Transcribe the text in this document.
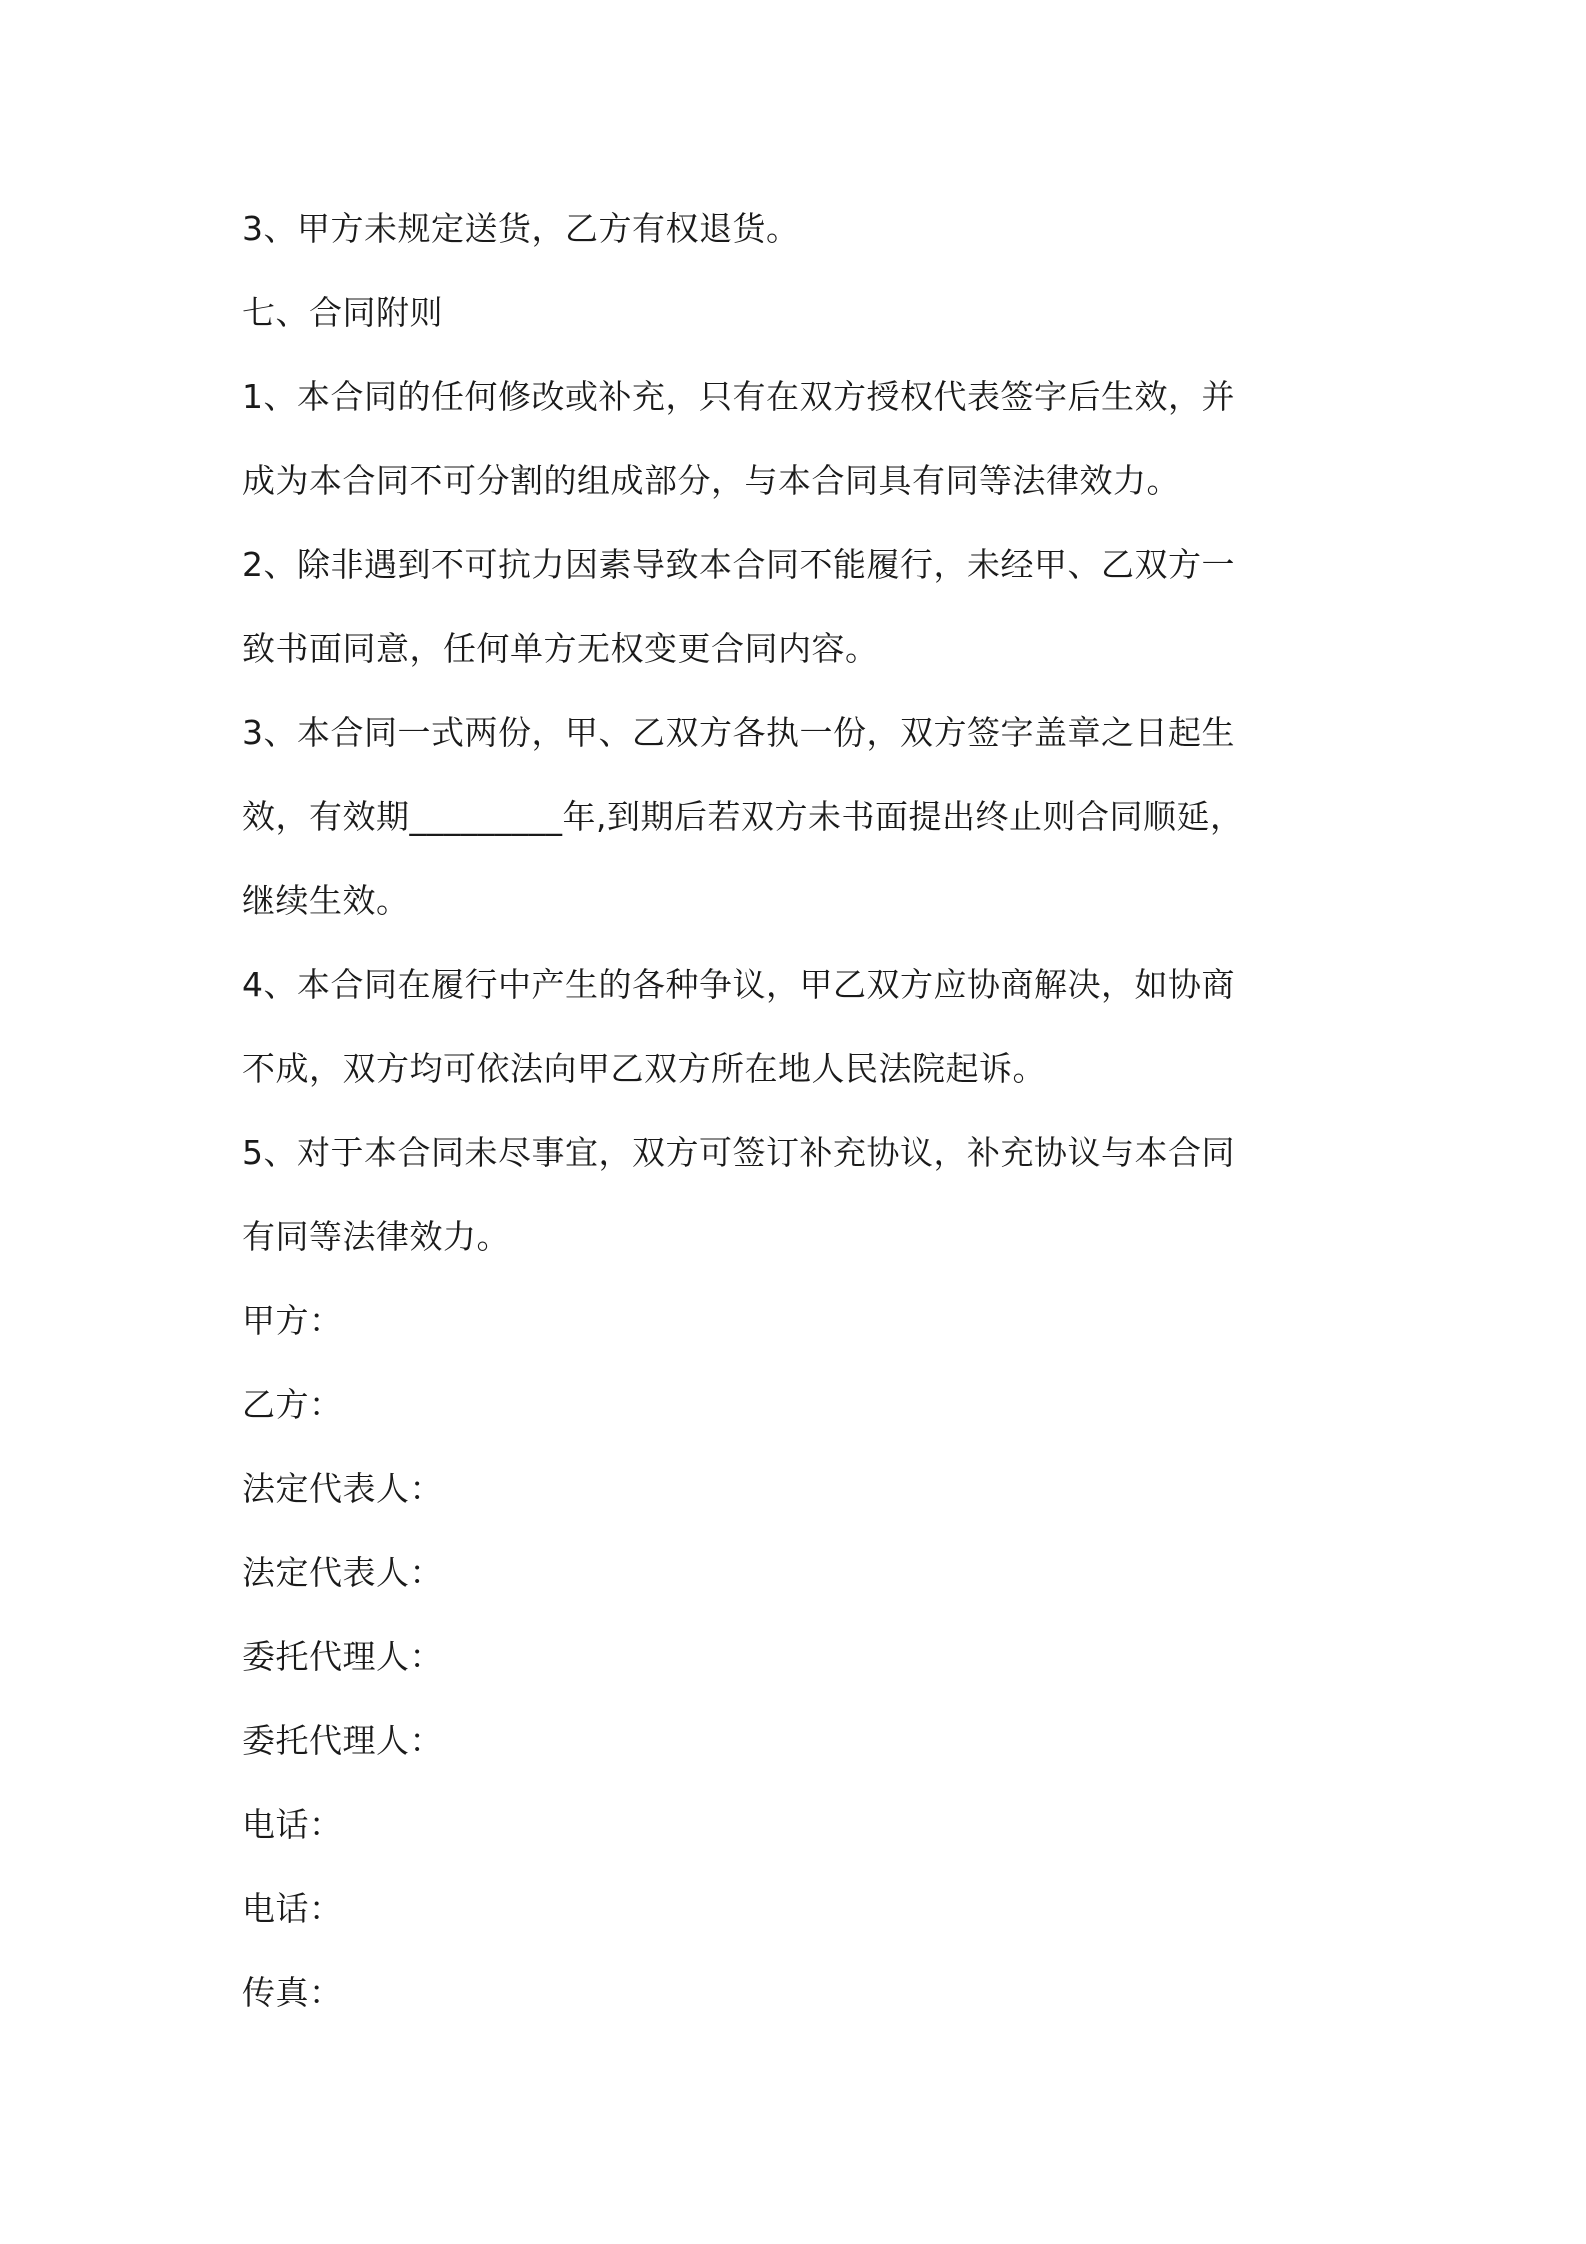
3、甲方未规定送货，乙方有权退货。
七、合同附则
1、本合同的任何修改或补充，只有在双方授权代表签字后生效，并
成为本合同不可分割的组成部分，与本合同具有同等法律效力。
2、除非遇到不可抗力因素导致本合同不能履行，未经甲、乙双方一
致书面同意，任何单方无权变更合同内容。
3、本合同一式两份，甲、乙双方各执一份，双方签字盖章之日起生
效，有效期_________年,到期后若双方未书面提出终止则合同顺延，
继续生效。
4、本合同在履行中产生的各种争议，甲乙双方应协商解决，如协商
不成，双方均可依法向甲乙双方所在地人民法院起诉。
5、对于本合同未尽事宜，双方可签订补充协议，补充协议与本合同
有同等法律效力。
甲方：
乙方：
法定代表人：
法定代表人：
委托代理人：
委托代理人：
电话：
电话：
传真：
